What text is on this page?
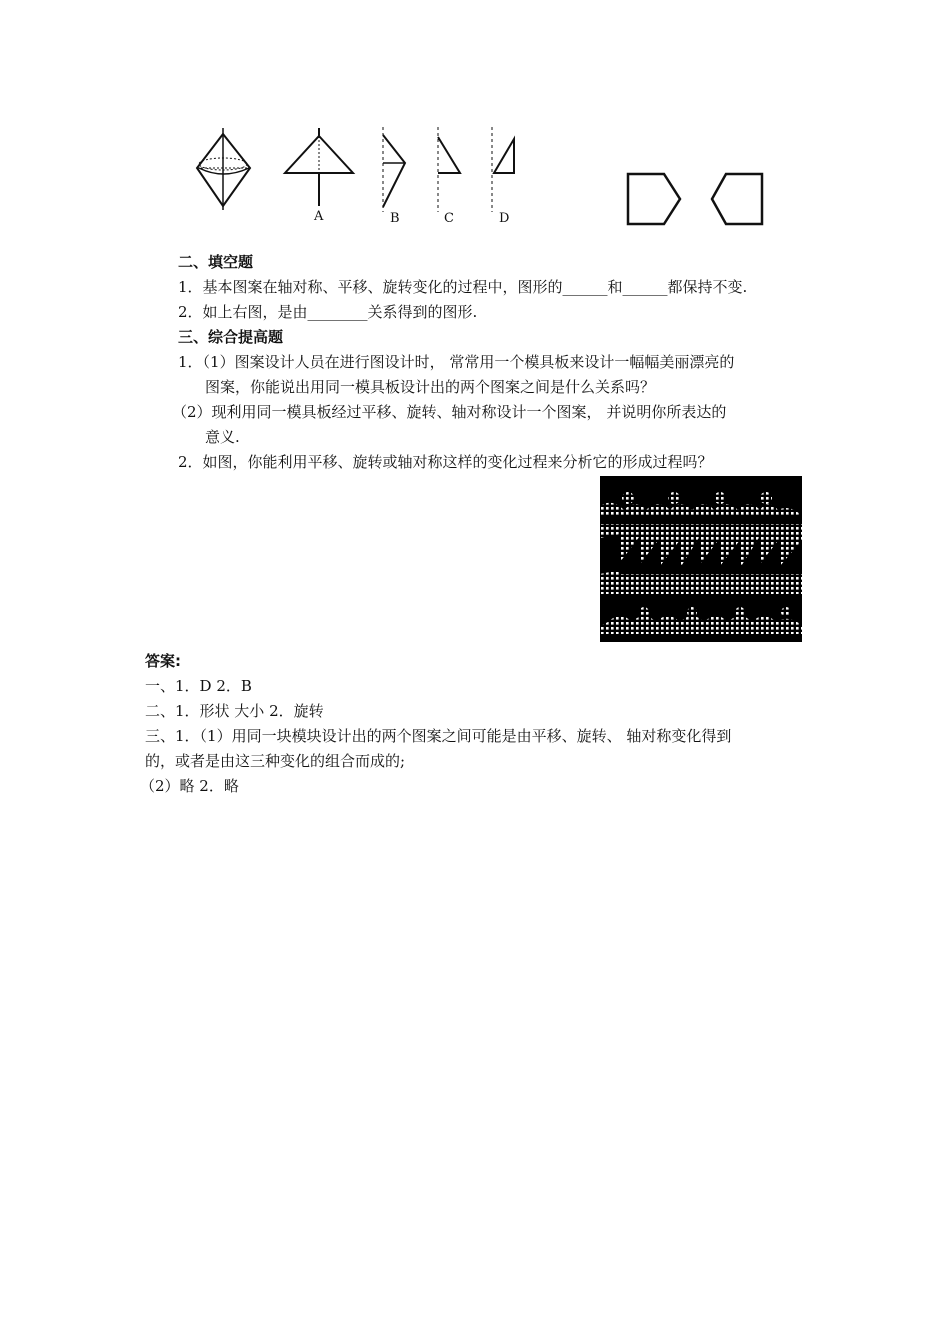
A	B	C	D
二、填空题
1．基本图案在轴对称、平移、旋转变化的过程中，图形的______和______都保持不变.
2．如上右图，是由________关系得到的图形.
三、综合提高题
1．（1）图案设计人员在进行图设计时， 常常用一个模具板来设计一幅幅美丽漂亮的
图案，你能说出用同一模具板设计出的两个图案之间是什么关系吗？
（2）现利用同一模具板经过平移、旋转、轴对称设计一个图案， 并说明你所表达的
意义.
2．如图，你能利用平移、旋转或轴对称这样的变化过程来分析它的形成过程吗？
答案:
一、1．D 2．B
二、1．形状 大小 2．旋转
三、1．（1）用同一块模块设计出的两个图案之间可能是由平移、旋转、 轴对称变化得到
的，或者是由这三种变化的组合而成的;
（2）略 2．略
